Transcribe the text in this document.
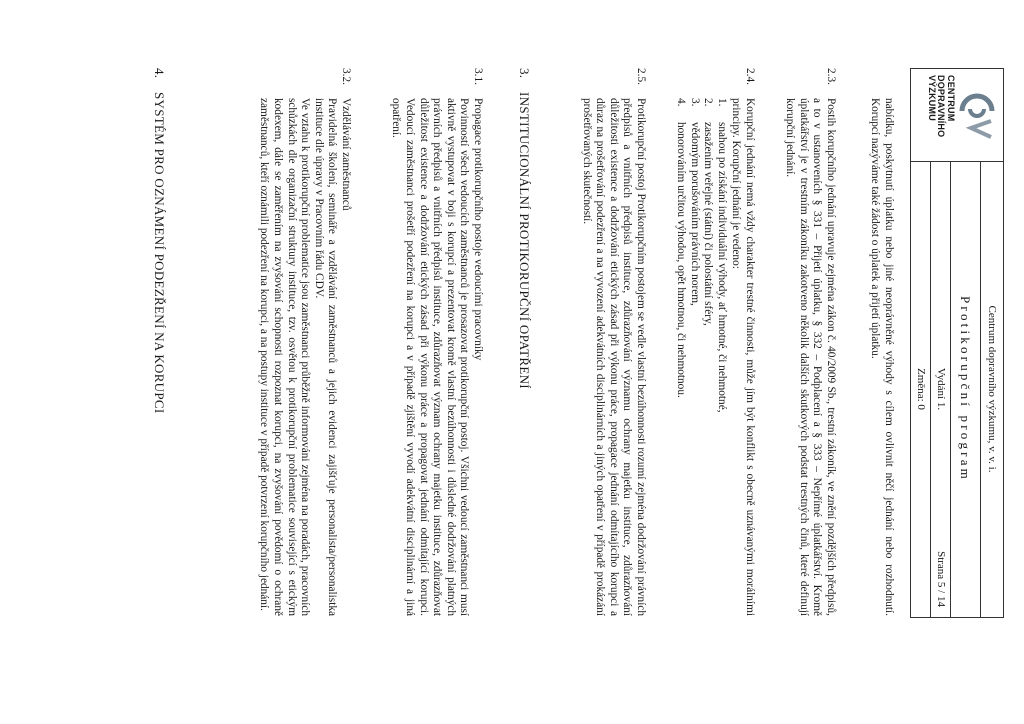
CENTRUM DOPRAVNÍHO VÝZKUMU
Centrum dopravního výzkumu, v. v. i.
Protikorupční program
Vydání 1.
Strana 5 / 14
Změna: 0

nabídku, poskytnutí úplatku nebo jiné neoprávněné výhody s cílem ovlivnit něčí jednání nebo rozhodnutí. Korupcí nazýváme také žádost o úplatek a přijetí úplatku.

2.3.

Postih korupčního jednání upravuje zejména zákon č. 40/2009 Sb., trestní zákoník, ve znění pozdějších předpisů, a to v ustanoveních § 331 – Přijetí úplatku, § 332 – Podplacení a § 333 – Nepřímé úplatkářství. Kromě úplatkářství je v trestním zákoníku zakotveno několik dalších skutkových podstat trestných činů, které definují korupční jednání.

2.4.

Korupční jednání nemá vždy charakter trestné činnosti, může jím být konflikt s obecně uznávanými morálními principy. Korupční jednání je vedeno:

1.
snahou po získání individuální výhody, ať hmotné, či nehmotné,
2.
zasažením veřejné (státní) či polostátní sféry,
3.
vědomým porušováním právních norem,
4.
honorováním určitou výhodou, opět hmotnou, či nehmotnou.
2.5.

Protikorupční postoj Protikorupčním postojem se vedle vlastní bezúhonnosti rozumí zejména dodržování právních předpisů a vnitřních předpisů instituce, zdůrazňování významu ochrany majetku instituce, zdůrazňování důležitosti existence a dodržování etických zásad při výkonu práce, propagace jednání odmítajícího korupci a důraz na prošetřování podezření a na vyvození adekvátních disciplinárních a jiných opatření v případě prokázání prošetřovaných skutečností.

3.
INSTITUCIONÁLNÍ PROTIKORUPČNÍ OPATŘENÍ
3.1.

Propagace protikorupčního postoje vedoucími pracovníky

Povinností všech vedoucích zaměstnanců je prosazovat protikorupční postoj. Všichni vedoucí zaměstnanci musí aktivně vystupovat v boji s korupcí a prezentovat kromě vlastní bezúhonnosti i důsledné dodržování platných právních předpisů a vnitřních předpisů instituce, zdůrazňovat význam ochrany majetku instituce, zdůrazňovat důležitost existence a dodržování etických zásad při výkonu práce a propagovat jednání odmítající korupci. Vedoucí zaměstnanci prošetří podezření na korupci a v případě zjištění vyvodí adekvátní disciplinární a jiná opatření.

3.2.

Vzdělávání zaměstnanců

Pravidelná školení, semináře a vzdělávání zaměstnanců a jejich evidenci zajišťuje personalista/personalistka instituce dle úpravy v Pracovním řádu CDV.

Ve vztahu k protikorupční problematice jsou zaměstnanci průběžně informováni zejména na poradách, pracovních schůzkách dle organizační struktury instituce, tzv. osvětou k protikorupční problematice související s etickým kodexem, dále se zaměřením na zvyšování schopnosti rozpoznat korupci, na zvyšování povědomí o ochraně zaměstnanců, kteří oznámili podezření na korupci, a na postupy instituce v případě potvrzení korupčního jednání.

4.
SYSTÉM PRO OZNÁMENÍ PODEZŘENÍ NA KORUPCI
